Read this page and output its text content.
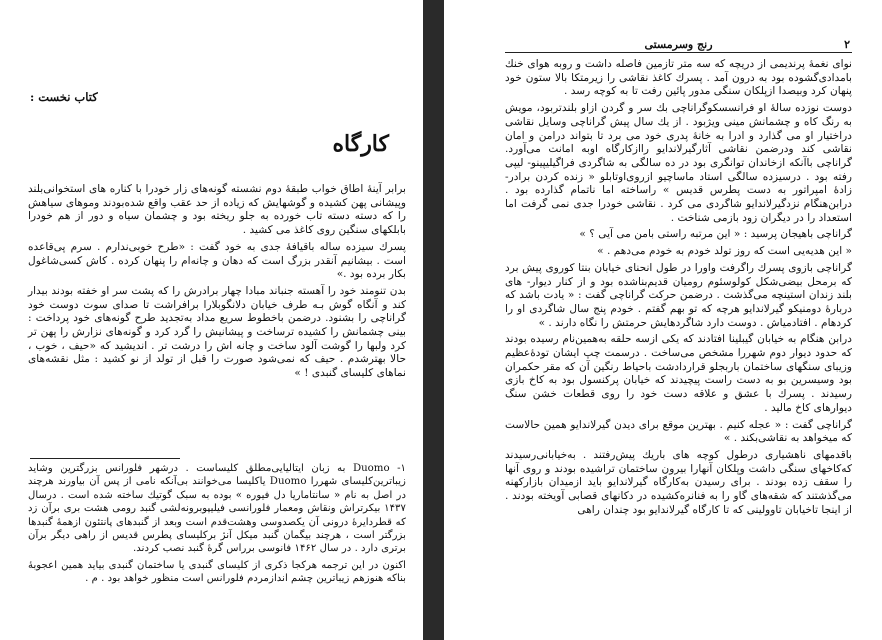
کتاب نخست :
کارگاه

برابر آینهٔ اطاق خواب طبقهٔ دوم نشسته گونه‌های زار خودرا با کناره های استخوانی‌بلند وپیشانی پهن کشیده و گوشهایش که زیاده از حد عقب واقع شده‌بودند وموهای سیاهش را که دسته دسته تاب خورده به جلو ریخته بود و چشمان سیاه و دور از هم خودرا بابلکهای سنگین روی کاغذ می کشید .

پسرك سیزده ساله باقیافهٔ جدی‌ به خود گفت : «طرح خوبی‌ندارم . سرم پی‌قاعده است . بیشانیم آنقدر بزرگ است که دهان و چانه‌ام را پنهان کرده . کاش کسی‌شاغول بکار برده بود .»

بدن تنومند خود را آهسته جنباند مبادا چهار برادرش را که پشت سر او خفته بودند بیدار کند و آنگاه گوش بـه طرف خیابان دلانگوبلارا برافراشت تا صدای سوت دوست خود گرانا‌چی را بشنود. درضمن باخطوط سریع مداد به‌تجدید طرح گونه‌های خود پرداخت : بینی‌ چشمانش را کشیده ترساخت و پیشانیش را گرد کرد و گونه‌های نزارش را پهن تر کرد ولبها را گوشت آلود ساخت و چانه اش را درشت‌ تر . اندیشید که «حیف ، خوب ، حالا بهترشدم . حیف که نمی‌شود صورت را قبل از تولد از نو کشید : مثل نقشه‌های نماهای کلیسای گنبدی ! »

۱- Duomo به زبان ایتالیایی‌مطلق کلیساست . درشهر فلورانس بزرگترین وشاید زیباترین‌کلیسای شهررا Duomo یاکلیسا می‌خوانند بی‌آنکه نامی از پس آن بیاورند هرچند در اصل به نام « سانتاماریا دل فیوره » بوده به سبک گوتیك ساخته شده است . درسال ۱۴۳۷ بیکرتراش ونقاش ومعمار فلورانسی فیلیپوبرونه‌لشی گنبد رومی هشت بری برآن زد که قطردایره‌ٔ درونی آن یکصدوسی وهشت‌قدم است وبعد از گنبدهای پانتئون ازهمهٔ گنبدها بزرگتر است ، هرچند بیگمان گنبد میکل آنژ برکلیسای پطرس قدیس از راهی دیگر برآن برتری دارد . در سال ۱۴۶۲ فانوسی برراس گرهٔ گنبد نصب کردند.

اکنون در این ترجمه هرکجا ذکری از کلیسای گنبدی یا ساختمان گنبدی بیاید همین اعجوبهٔ بناکه هنوزهم زیباترین چشم اندازمردم فلورانس است منظور خواهد بود . م .

۲
رنج وسرمستی

نوای نغمهٔ پرندیمی از دریچه که سه متر تازمین فاصله داشت و روبه هوای خنك بامدادی‌گشوده بود به درون آمد . پسرك کاغذ نقاشی را زیرمتکا بالا ستون خود پنهان کرد وبیصدا ازپلکان سنگی مدور پائین رفت تا به کوچه رسد .

دوست نوزده سالهٔ او فرانسسکوگرانا‌چی بك سر و گردن ازاو بلندتربود، مویش به رنگ کاه و چشمانش مینی ویژبود . از یك سال پیش گرانا‌چی وسایل نقاشی دراختیار او می گذارد و ادرا به خانهٔ پدری خود می برد تا بتواند درامن و امان نقاشی کند ودرضمن نقاشی آثارگیرلاندایو راازکارگاه اوبه امانت می‌آورد. گرانا‌چی باآنکه ازخاندان توانگری بود در ده سالگی به شاگردی فراگیلیپینو- لیپی رفته بود . درسیزده سالگی استاد ماساچیو ازروی‌اوتابلو « زنده کردن برادر- زادهٔ امپراتور به دست پطرس قدیس » راساخته اما ناتمام گذارده بود . درابن‌هنگام نزد‌گیرلاندایو شاگردی می کرد . نقاشی خودرا جدی نمی گرفت اما استعداد را در دیگران زود بازمی شناخت .

گرانا‌چی باهیجان پرسید : « این مرتبه راستی بامن می آیی ؟ »

« این هدیه‌یی است که روز تولد خودم به خودم می‌دهم . »

گرانا‌چی بازوی پسرك راگرفت واورا در طول انحنای خیابان بنتا کوروی پیش برد که برمحل بیضی‌شکل کولوسئوم رومیان قدیم‌بناشده بود و از کنار دیوار- های بلند زندان استینچه می‌گذشت . درضمن حرکت گرانا‌چی گفت : « یادت باشد که دربارهٔ دومنیکو گیرلاندایو هرچه که تو بهم گفتم . خودم پنج سال شاگردی او را کردهام . افتادمیاش . دوست دارد شاگردهایش حرمتش را نگاه دارند . »

درابن هنگام به خیابان گیبلینا افتادند که یکی ازسه حلقه به‌همین‌نام رسیده بودند که حدود دیوار دوم شهررا مشخص می‌ساخت . درسمت چپ ایشان تودهٔ‌عظیم وزیبای سنگهای ساختمان باربجلو قراردادشت باحیاط رنگین آن که مقر حکمران بود وسیسرین بو به دست راست پیچیدند که خیابان پرکنسول بود به کاخ بازی رسیدند . پسرك با عشق و علاقه دست خود را روی قطعات خشن سنگ دیوارهای کاخ مالید .

گرانا‌چی گفت : « عجله کنیم . بهترین موقع برای دیدن گیرلاندایو همین حالاست که میخواهد به نقاشی‌بکند . »

باقدمهای ناهشیاری درطول کوچه های باریك پیش‌رفتند . به‌خیابانی‌رسیدند که‌کاخهای سنگی داشت وپلکان آنهارا بیرون ساختمان تراشیده بودند و روی آنها را سقف زده بودند . برای رسیدن به‌کارگاه گیرلاندایو باید ازمیدان بازارکهنه می‌گذشتند که شقه‌های گاو را به فنانره‌کشیده در دکانهای قصابی آویخته بودند . از اینجا تاخیابان تاوولینی که تا کارگاه گیرلاندایو بود چندان راهی
